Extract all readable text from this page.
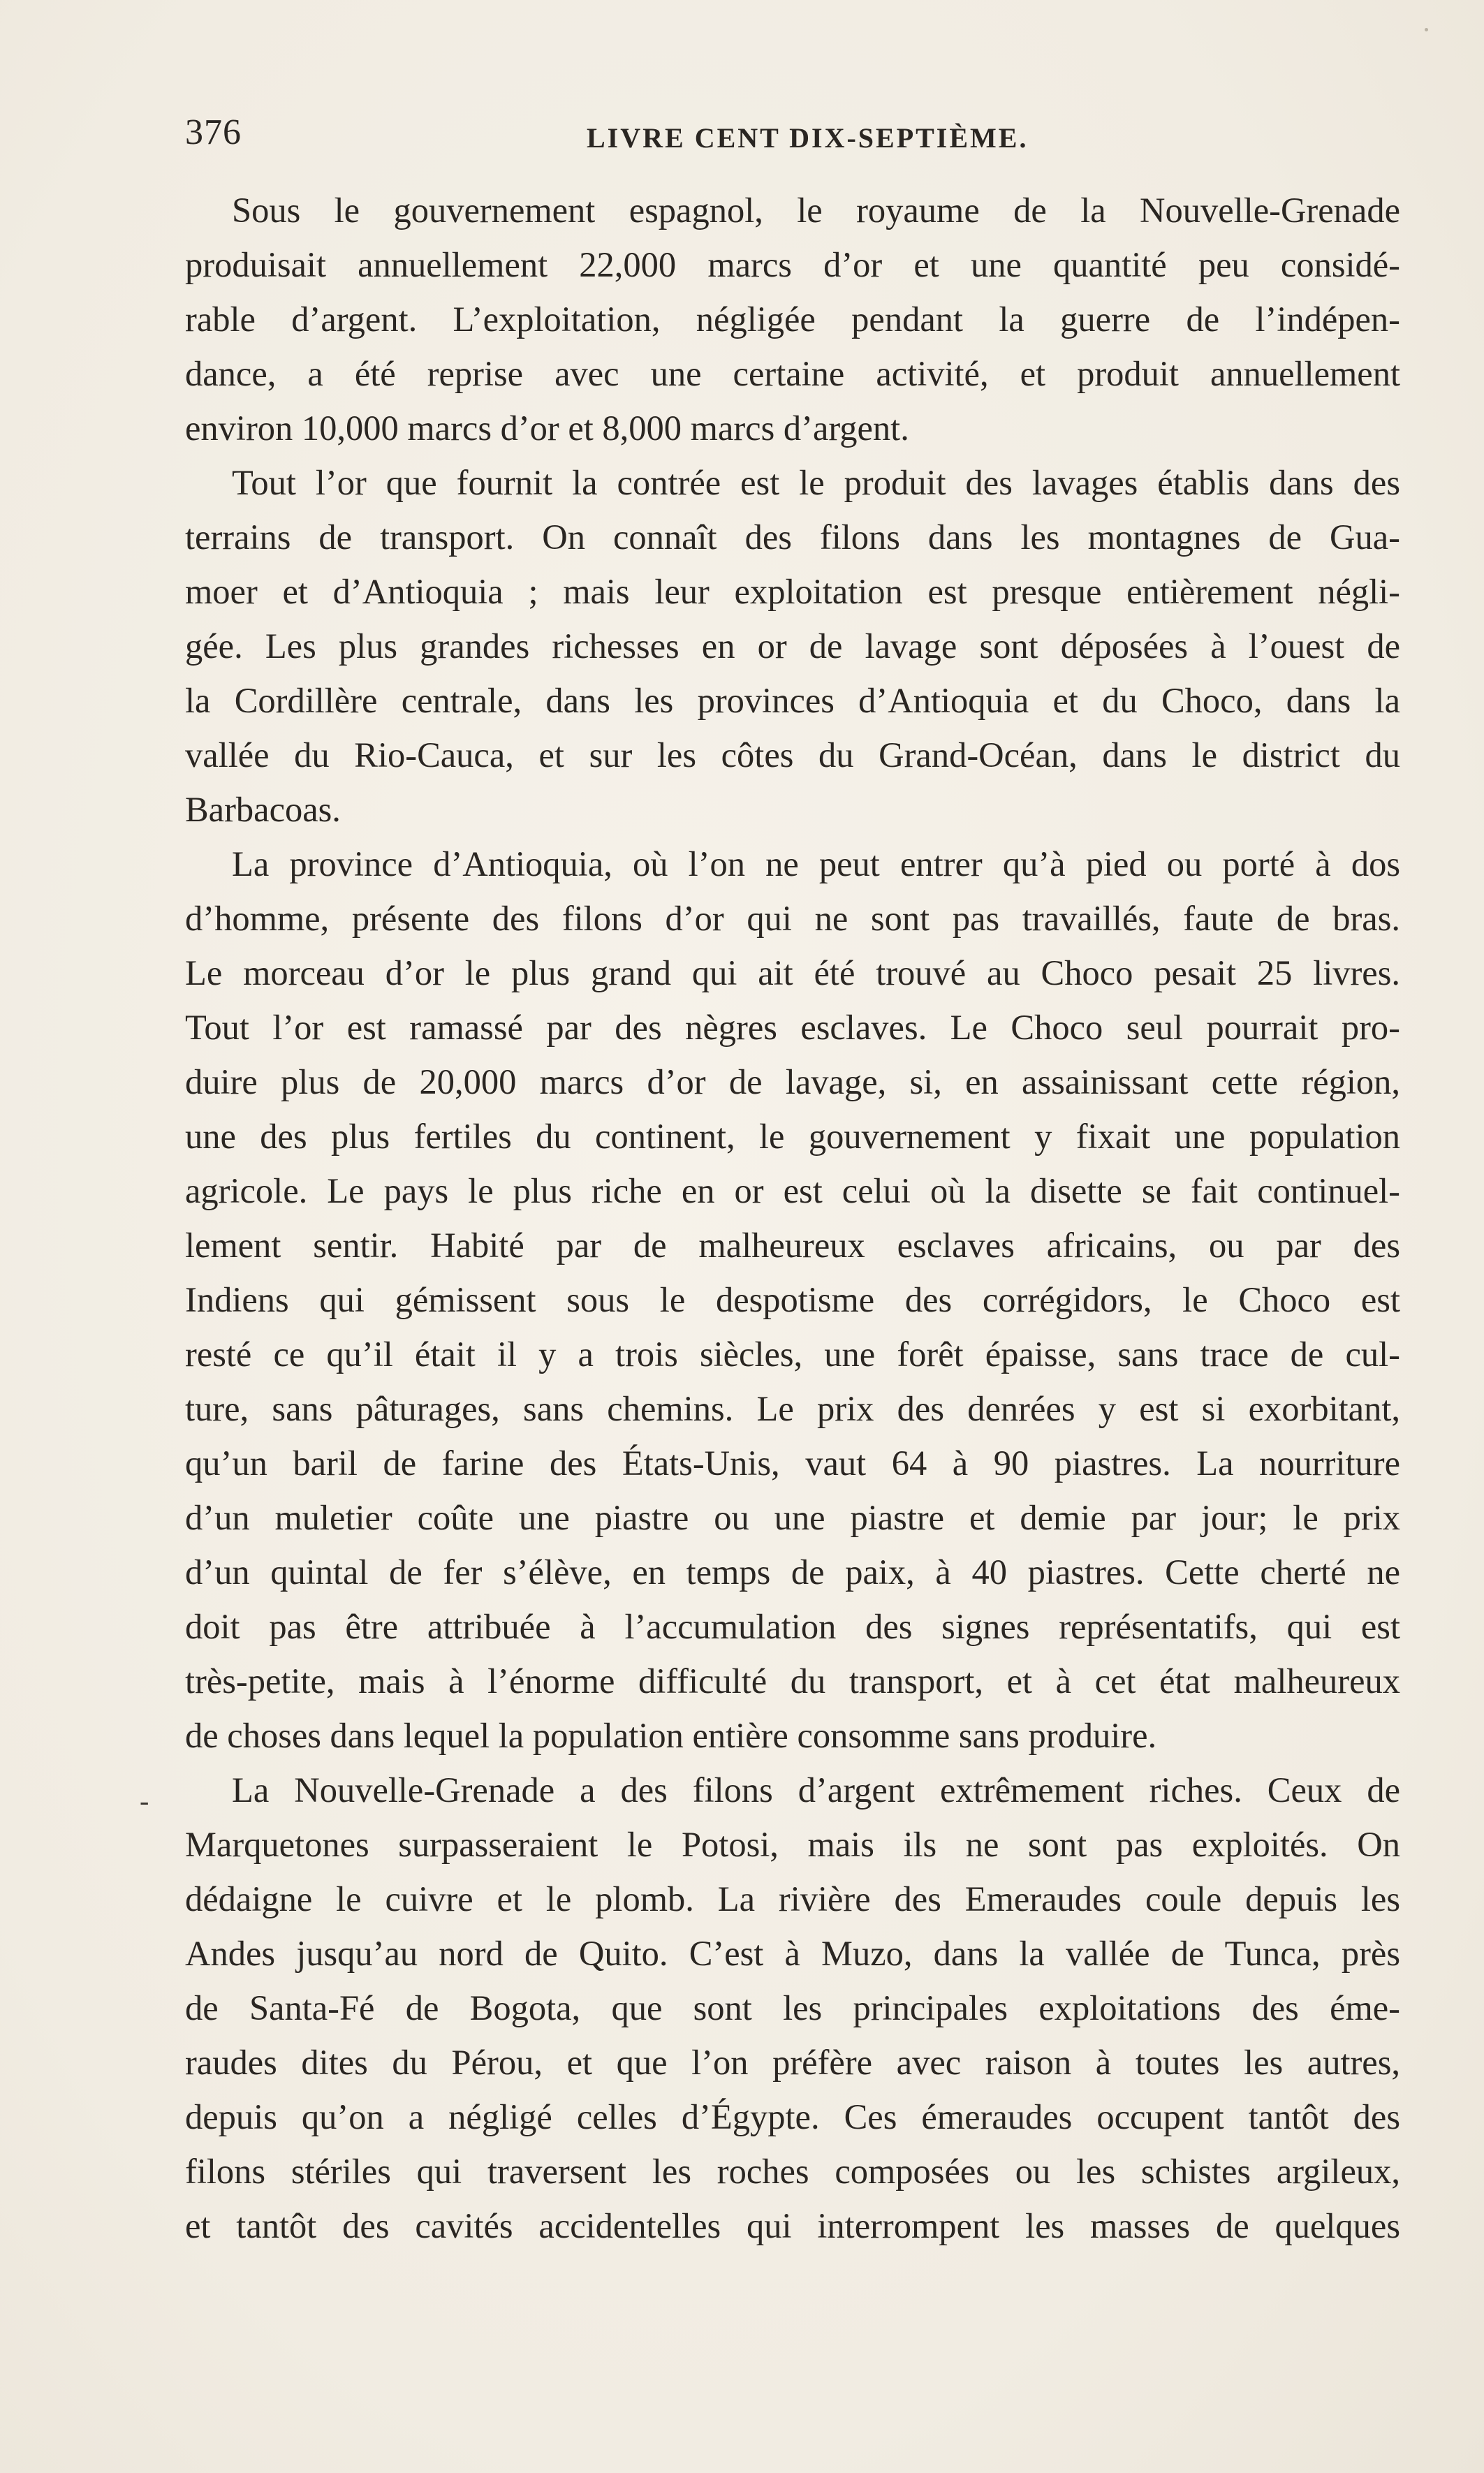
376	LIVRE CENT DIX-SEPTIÈME.
-
Sous le gouvernement espagnol, le royaume de la Nouvelle-Grenade
produisait annuellement 22,000 marcs d’or et une quantité peu considé-
rable d’argent. L’exploitation, négligée pendant la guerre de l’indépen-
dance, a été reprise avec une certaine activité, et produit annuellement
environ 10,000 marcs d’or et 8,000 marcs d’argent.
Tout l’or que fournit la contrée est le produit des lavages établis dans des
terrains de transport. On connaît des filons dans les montagnes de Gua-
moer et d’Antioquia ; mais leur exploitation est presque entièrement négli-
gée. Les plus grandes richesses en or de lavage sont déposées à l’ouest de
la Cordillère centrale, dans les provinces d’Antioquia et du Choco, dans la
vallée du Rio-Cauca, et sur les côtes du Grand-Océan, dans le district du
Barbacoas.
La province d’Antioquia, où l’on ne peut entrer qu’à pied ou porté à dos
d’homme, présente des filons d’or qui ne sont pas travaillés, faute de bras.
Le morceau d’or le plus grand qui ait été trouvé au Choco pesait 25 livres.
Tout l’or est ramassé par des nègres esclaves. Le Choco seul pourrait pro-
duire plus de 20,000 marcs d’or de lavage, si, en assainissant cette région,
une des plus fertiles du continent, le gouvernement y fixait une population
agricole. Le pays le plus riche en or est celui où la disette se fait continuel-
lement sentir. Habité par de malheureux esclaves africains, ou par des
Indiens qui gémissent sous le despotisme des corrégidors, le Choco est
resté ce qu’il était il y a trois siècles, une forêt épaisse, sans trace de cul-
ture, sans pâturages, sans chemins. Le prix des denrées y est si exorbitant,
qu’un baril de farine des États-Unis, vaut 64 à 90 piastres. La nourriture
d’un muletier coûte une piastre ou une piastre et demie par jour; le prix
d’un quintal de fer s’élève, en temps de paix, à 40 piastres. Cette cherté ne
doit pas être attribuée à l’accumulation des signes représentatifs, qui est
très-petite, mais à l’énorme difficulté du transport, et à cet état malheureux
de choses dans lequel la population entière consomme sans produire.
La Nouvelle-Grenade a des filons d’argent extrêmement riches. Ceux de
Marquetones surpasseraient le Potosi, mais ils ne sont pas exploités. On
dédaigne le cuivre et le plomb. La rivière des Emeraudes coule depuis les
Andes jusqu’au nord de Quito. C’est à Muzo, dans la vallée de Tunca, près
de Santa-Fé de Bogota, que sont les principales exploitations des éme-
raudes dites du Pérou, et que l’on préfère avec raison à toutes les autres,
depuis qu’on a négligé celles d’Égypte. Ces émeraudes occupent tantôt des
filons stériles qui traversent les roches composées ou les schistes argileux,
et tantôt des cavités accidentelles qui interrompent les masses de quelques
